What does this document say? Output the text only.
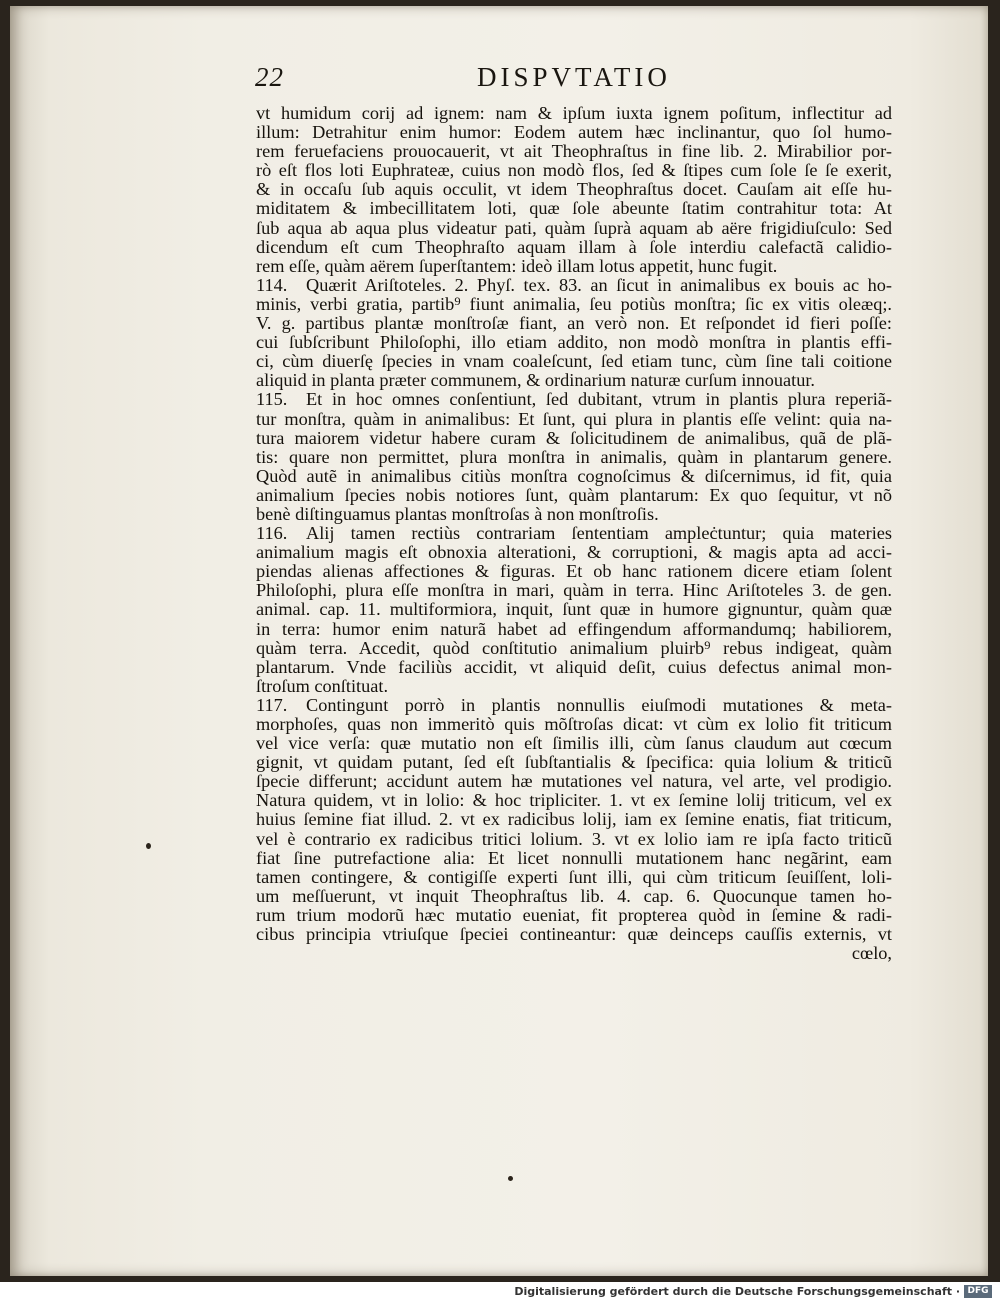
22	DISPVTATIO
vt humidum corij ad ignem: nam & ipſum iuxta ignem poſitum, inflectitur ad
illum: Detrahitur enim humor: Eodem autem hæc inclinantur, quo ſol humo-
rem feruefaciens prouocauerit, vt ait Theophraſtus in fine lib. 2. Mirabilior por-
rò eſt flos loti Euphrateæ, cuius non modò flos, ſed & ſtipes cum ſole ſe ſe exerit,
& in occaſu ſub aquis occulit, vt idem Theophraſtus docet. Cauſam ait eſſe hu-
miditatem & imbecillitatem loti, quæ ſole abeunte ſtatim contrahitur tota: At
ſub aqua ab aqua plus videatur pati, quàm ſuprà aquam ab aëre frigidiuſculo: Sed
dicendum eſt cum Theophraſto aquam illam à ſole interdiu calefactã calidio-
rem eſſe, quàm aërem ſuperſtantem: ideò illam lotus appetit, hunc fugit.
114. Quærit Ariſtoteles. 2. Phyſ. tex. 83. an ſicut in animalibus ex bouis ac ho-
minis, verbi gratia, partib⁹ fiunt animalia, ſeu potiùs monſtra; ſic ex vitis oleæq;.
V. g. partibus plantæ monſtroſæ fiant, an verò non. Et reſpondet id fieri poſſe:
cui ſubſcribunt Philoſophi, illo etiam addito, non modò monſtra in plantis effi-
ci, cùm diuerſę ſpecies in vnam coaleſcunt, ſed etiam tunc, cùm ſine tali coitione
aliquid in planta præter communem, & ordinarium naturæ curſum innouatur.
115. Et in hoc omnes conſentiunt, ſed dubitant, vtrum in plantis plura reperiã-
tur monſtra, quàm in animalibus: Et ſunt, qui plura in plantis eſſe velint: quia na-
tura maiorem videtur habere curam & ſolicitudinem de animalibus, quã de plã-
tis: quare non permittet, plura monſtra in animalis, quàm in plantarum genere.
Quòd autẽ in animalibus citiùs monſtra cognoſcimus & diſcernimus, id fit, quia
animalium ſpecies nobis notiores ſunt, quàm plantarum: Ex quo ſequitur, vt nõ
benè diſtinguamus plantas monſtroſas à non monſtroſis.
116. Alij tamen rectiùs contrariam ſententiam ampleċtuntur; quia materies
animalium magis eſt obnoxia alterationi, & corruptioni, & magis apta ad acci-
piendas alienas affectiones & figuras. Et ob hanc rationem dicere etiam ſolent
Philoſophi, plura eſſe monſtra in mari, quàm in terra. Hinc Ariſtoteles 3. de gen.
animal. cap. 11. multiformiora, inquit, ſunt quæ in humore gignuntur, quàm quæ
in terra: humor enim naturã habet ad effingendum afformandumq; habiliorem,
quàm terra. Accedit, quòd conſtitutio animalium pluirb⁹ rebus indigeat, quàm
plantarum. Vnde faciliùs accidit, vt aliquid deſit, cuius defectus animal mon-
ſtroſum conſtituat.
117. Contingunt porrò in plantis nonnullis eiuſmodi mutationes & meta-
morphoſes, quas non immeritò quis mõſtroſas dicat: vt cùm ex lolio fit triticum
vel vice verſa: quæ mutatio non eſt ſimilis illi, cùm ſanus claudum aut cœcum
gignit, vt quidam putant, ſed eſt ſubſtantialis & ſpecifica: quia lolium & triticũ
ſpecie differunt; accidunt autem hæ mutationes vel natura, vel arte, vel prodigio.
Natura quidem, vt in lolio: & hoc tripliciter. 1. vt ex ſemine lolij triticum, vel ex
huius ſemine fiat illud. 2. vt ex radicibus lolij, iam ex ſemine enatis, fiat triticum,
vel è contrario ex radicibus tritici lolium. 3. vt ex lolio iam re ipſa facto triticũ
fiat ſine putrefactione alia: Et licet nonnulli mutationem hanc negãrint, eam
tamen contingere, & contigiſſe experti ſunt illi, qui cùm triticum ſeuiſſent, loli-
um meſſuerunt, vt inquit Theophraſtus lib. 4. cap. 6. Quocunque tamen ho-
rum trium modorũ hæc mutatio eueniat, fit propterea quòd in ſemine & radi-
cibus principia vtriuſque ſpeciei contineantur: quæ deinceps cauſſis externis, vt
cœlo,
Digitalisierung gefördert durch die Deutsche Forschungsgemeinschaft · DFG
